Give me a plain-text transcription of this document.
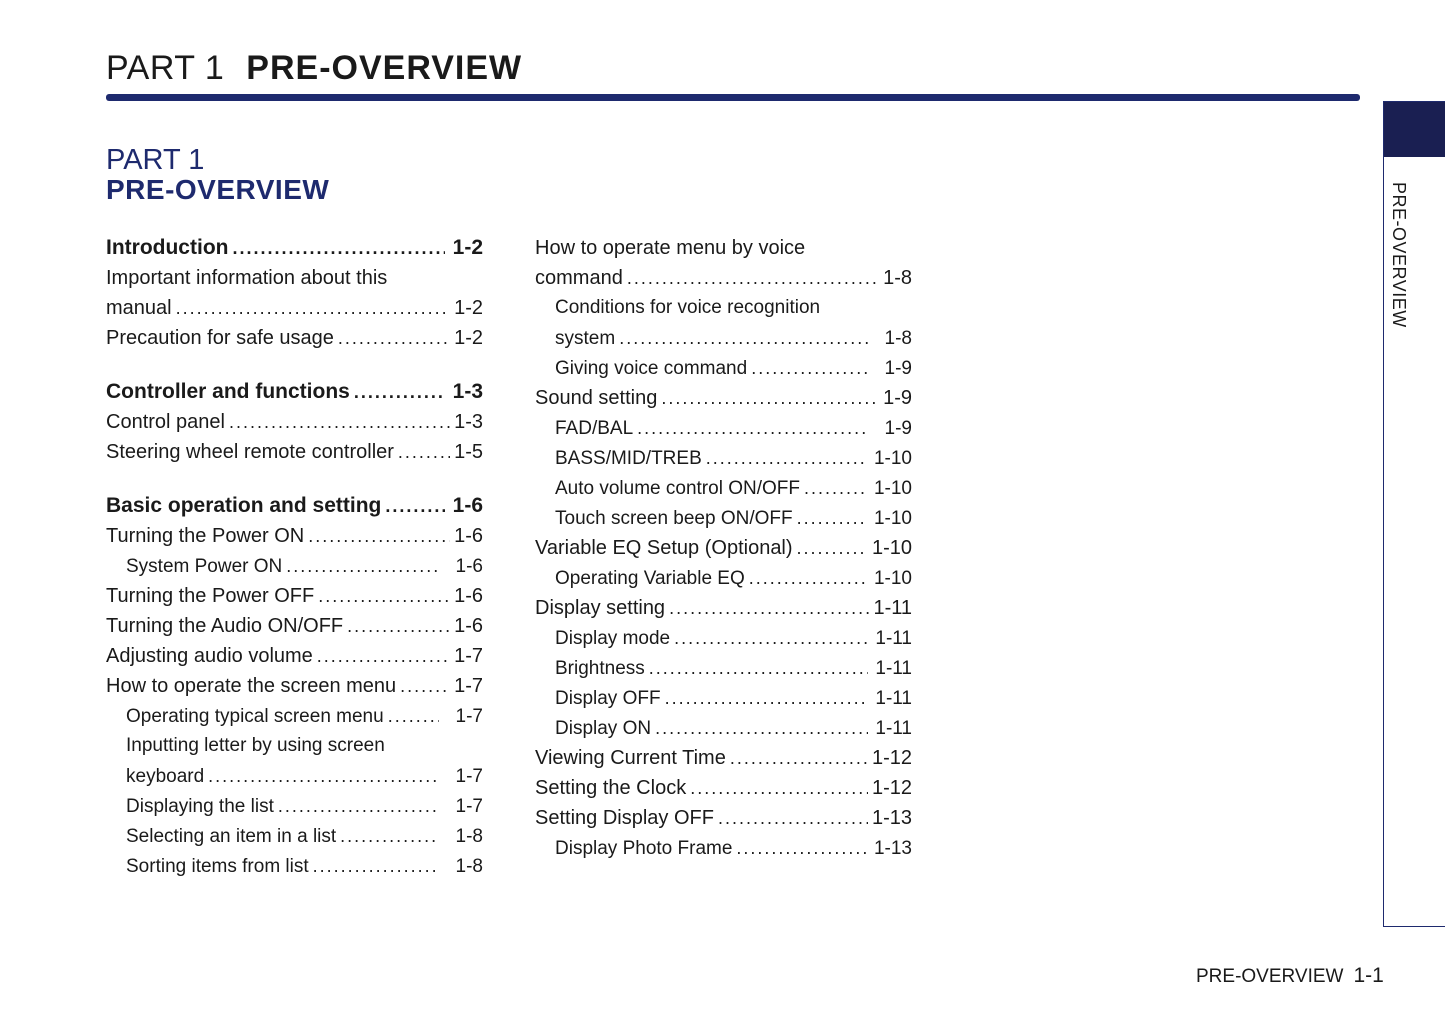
PART 1 PRE-OVERVIEW
PRE-OVERVIEW
PART 1
PRE-OVERVIEW
Introduction .....	1-2
Important information about this
manual .....	1-2
Precaution for safe usage .....	1-2
Controller and functions .....	1-3
Control panel .....	1-3
Steering wheel remote controller .....	1-5
Basic operation and setting .....	1-6
Turning the Power ON .....	1-6
System Power ON .....	1-6
Turning the Power OFF .....	1-6
Turning the Audio ON/OFF .....	1-6
Adjusting audio volume .....	1-7
How to operate the screen menu .....	1-7
Operating typical screen menu .....	1-7
Inputting letter by using screen
keyboard .....	1-7
Displaying the list .....	1-7
Selecting an item in a list .....	1-8
Sorting items from list .....	1-8
How to operate menu by voice
command .....	1-8
Conditions for voice recognition
system .....	1-8
Giving voice command .....	1-9
Sound setting .....	1-9
FAD/BAL .....	1-9
BASS/MID/TREB .....	1-10
Auto volume control ON/OFF .....	1-10
Touch screen beep ON/OFF .....	1-10
Variable EQ Setup (Optional) .....	1-10
Operating Variable EQ .....	1-10
Display setting .....	1-11
Display mode .....	1-11
Brightness .....	1-11
Display OFF .....	1-11
Display ON .....	1-11
Viewing Current Time .....	1-12
Setting the Clock .....	1-12
Setting Display OFF .....	1-13
Display Photo Frame .....	1-13
PRE-OVERVIEW 1-1
